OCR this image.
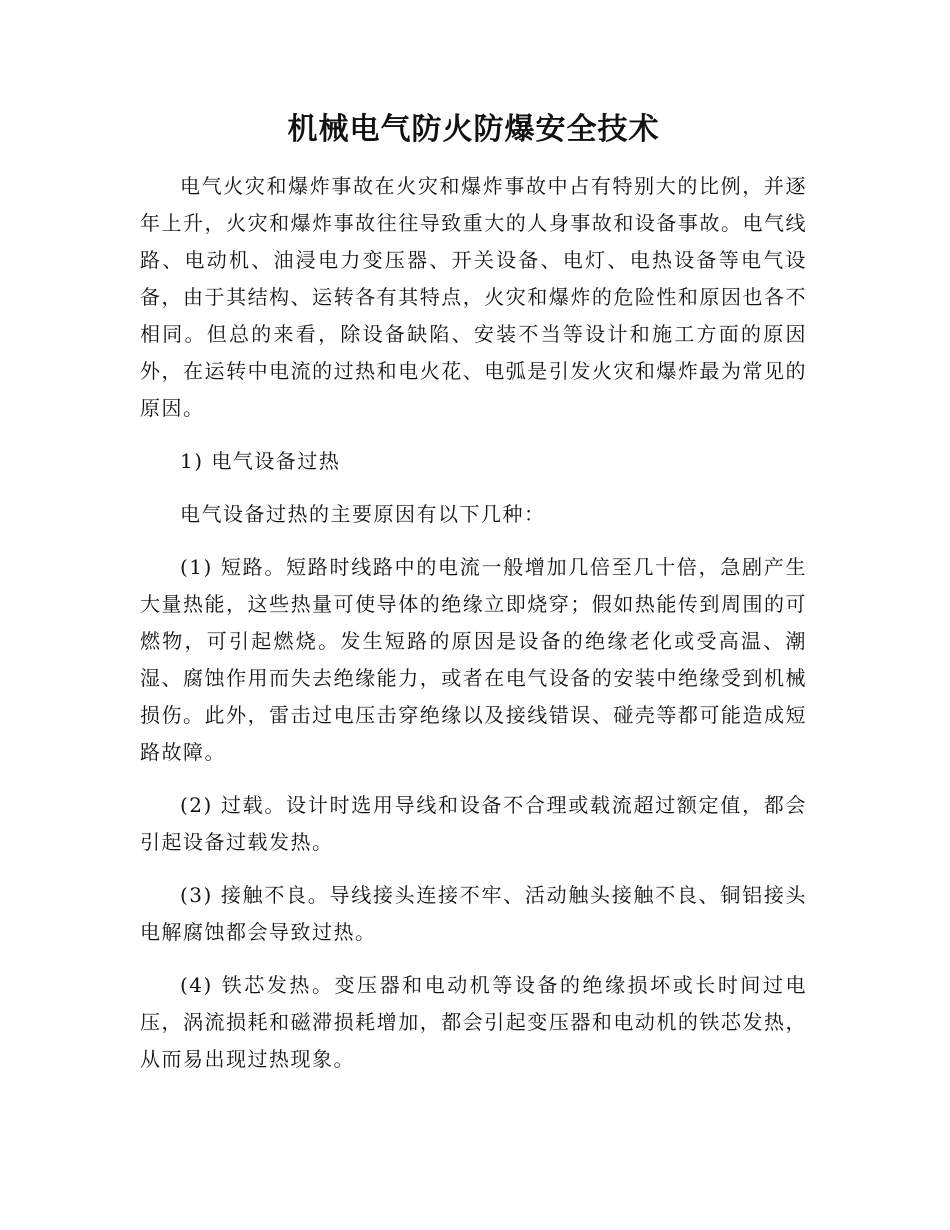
机械电气防火防爆安全技术

电气火灾和爆炸事故在火灾和爆炸事故中占有特别大的比例，并逐年上升，火灾和爆炸事故往往导致重大的人身事故和设备事故。电气线路、电动机、油浸电力变压器、开关设备、电灯、电热设备等电气设备，由于其结构、运转各有其特点，火灾和爆炸的危险性和原因也各不相同。但总的来看，除设备缺陷、安装不当等设计和施工方面的原因外，在运转中电流的过热和电火花、电弧是引发火灾和爆炸最为常见的原因。

1) 电气设备过热

电气设备过热的主要原因有以下几种：

(1) 短路。短路时线路中的电流一般增加几倍至几十倍，急剧产生大量热能，这些热量可使导体的绝缘立即烧穿；假如热能传到周围的可燃物，可引起燃烧。发生短路的原因是设备的绝缘老化或受高温、潮湿、腐蚀作用而失去绝缘能力，或者在电气设备的安装中绝缘受到机械损伤。此外，雷击过电压击穿绝缘以及接线错误、碰壳等都可能造成短路故障。

(2) 过载。设计时选用导线和设备不合理或载流超过额定值，都会引起设备过载发热。

(3) 接触不良。导线接头连接不牢、活动触头接触不良、铜铝接头电解腐蚀都会导致过热。

(4) 铁芯发热。变压器和电动机等设备的绝缘损坏或长时间过电压，涡流损耗和磁滞损耗增加，都会引起变压器和电动机的铁芯发热，从而易出现过热现象。
